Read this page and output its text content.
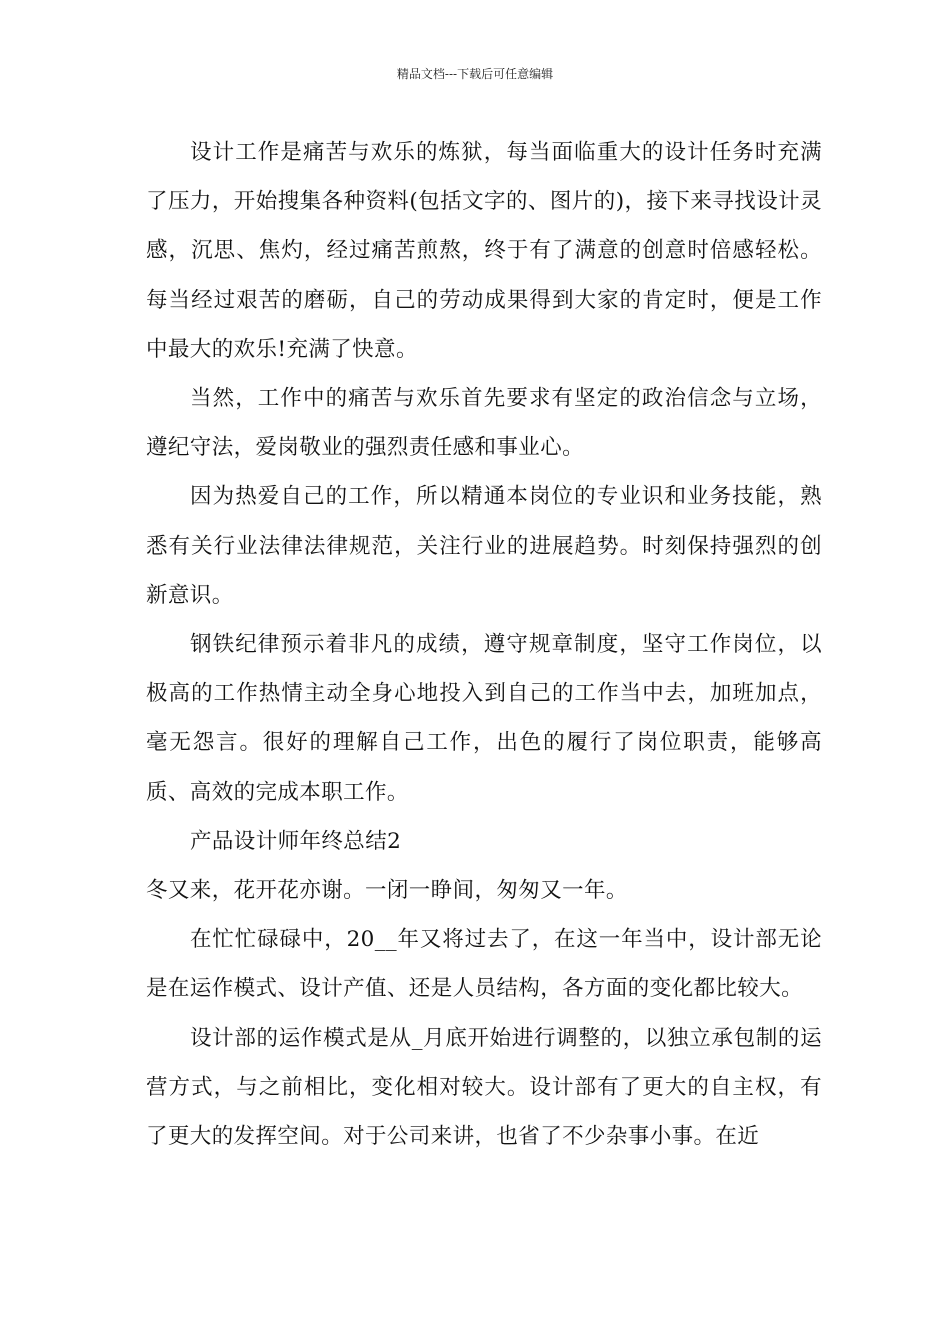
精品文档---下载后可任意编辑

设计工作是痛苦与欢乐的炼狱，每当面临重大的设计任务时充满了压力，开始搜集各种资料(包括文字的、图片的)，接下来寻找设计灵感，沉思、焦灼，经过痛苦煎熬，终于有了满意的创意时倍感轻松。每当经过艰苦的磨砺，自己的劳动成果得到大家的肯定时，便是工作中最大的欢乐!充满了快意。

当然，工作中的痛苦与欢乐首先要求有坚定的政治信念与立场，遵纪守法，爱岗敬业的强烈责任感和事业心。

因为热爱自己的工作，所以精通本岗位的专业识和业务技能，熟悉有关行业法律法律规范，关注行业的进展趋势。时刻保持强烈的创新意识。

钢铁纪律预示着非凡的成绩，遵守规章制度，坚守工作岗位，以极高的工作热情主动全身心地投入到自己的工作当中去，加班加点，毫无怨言。很好的理解自己工作，出色的履行了岗位职责，能够高质、高效的完成本职工作。

产品设计师年终总结2

冬又来，花开花亦谢。一闭一睁间，匆匆又一年。

在忙忙碌碌中，20__年又将过去了，在这一年当中，设计部无论是在运作模式、设计产值、还是人员结构，各方面的变化都比较大。

设计部的运作模式是从_月底开始进行调整的，以独立承包制的运营方式，与之前相比，变化相对较大。设计部有了更大的自主权，有了更大的发挥空间。对于公司来讲，也省了不少杂事小事。在近
